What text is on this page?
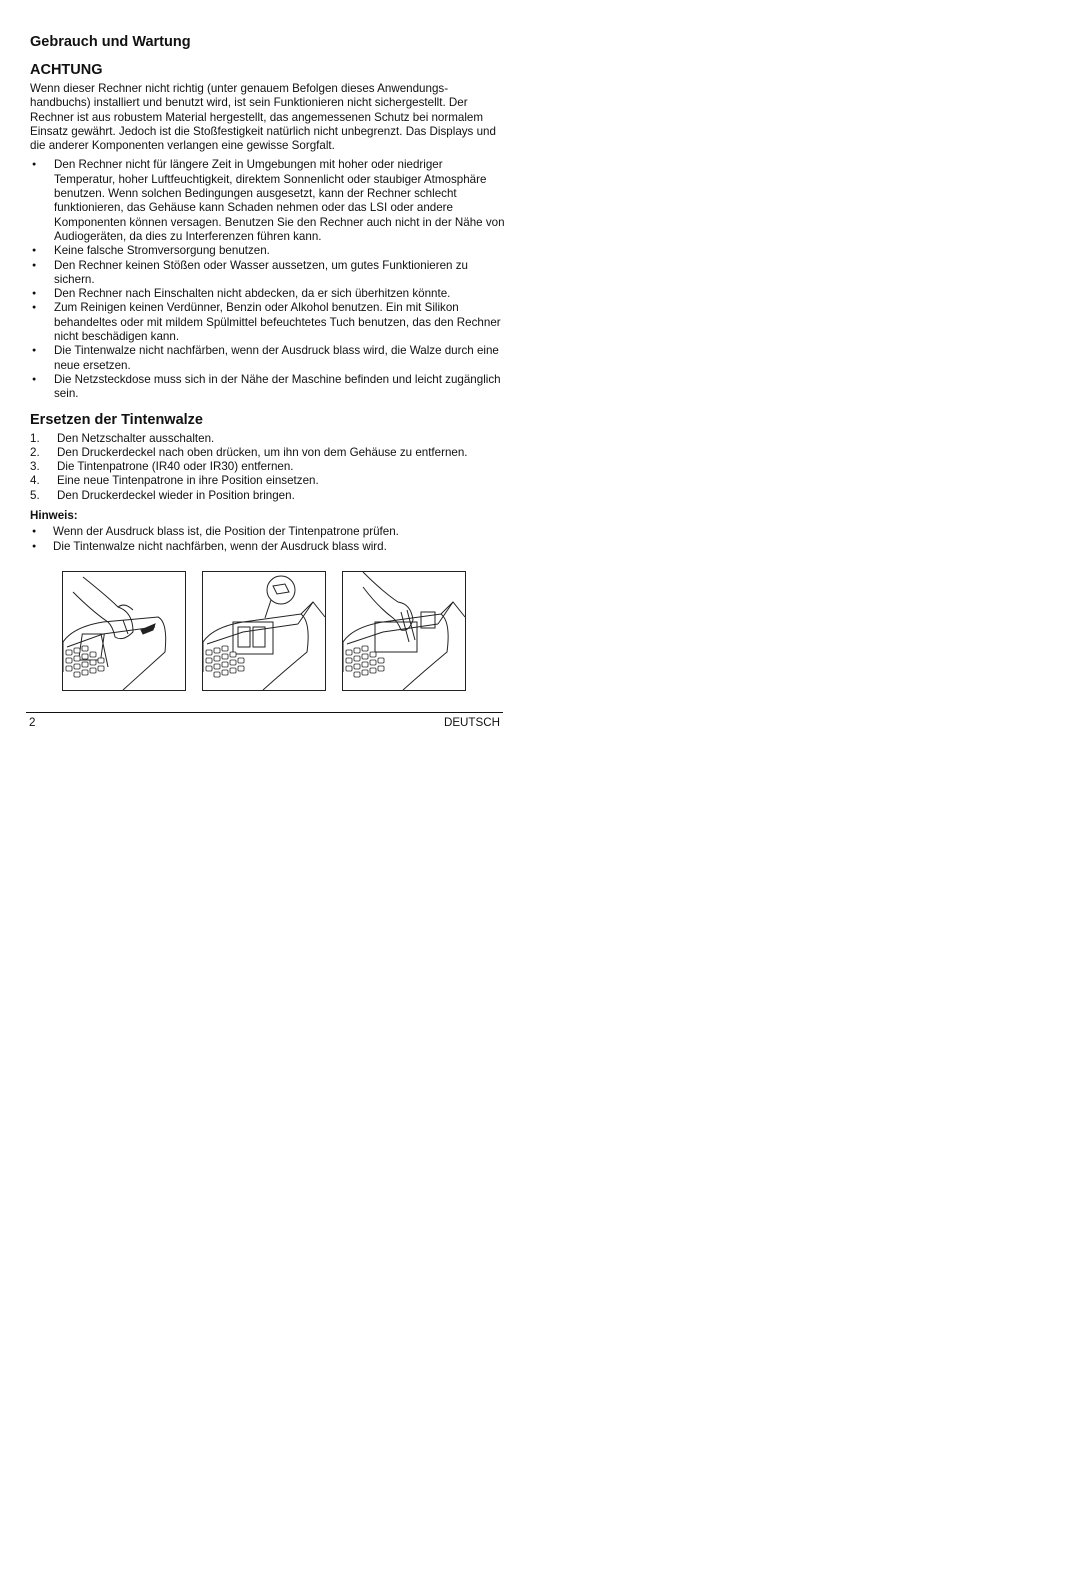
Gebrauch und Wartung
ACHTUNG

Wenn dieser Rechner nicht richtig (unter genauem Befolgen dieses Anwendungs-handbuchs) installiert und benutzt wird, ist sein Funktionieren nicht sichergestellt. Der Rechner ist aus robustem Material hergestellt, das angemessenen Schutz bei normalem Einsatz gewährt. Jedoch ist die Stoßfestigkeit natürlich nicht unbegrenzt. Das Displays und die anderer Komponenten verlangen eine gewisse Sorgfalt.

● Den Rechner nicht für längere Zeit in Umgebungen mit hoher oder niedriger Temperatur, hoher Luftfeuchtigkeit, direktem Sonnenlicht oder staubiger Atmosphäre benutzen. Wenn solchen Bedingungen ausgesetzt, kann der Rechner schlecht funktionieren, das Gehäuse kann Schaden nehmen oder das LSI oder andere Komponenten können versagen. Benutzen Sie den Rechner auch nicht in der Nähe von Audiogeräten, da dies zu Interferenzen führen kann.
● Keine falsche Stromversorgung benutzen.
● Den Rechner keinen Stößen oder Wasser aussetzen, um gutes Funktionieren zu sichern.
● Den Rechner nach Einschalten nicht abdecken, da er sich überhitzen könnte.
● Zum Reinigen keinen Verdünner, Benzin oder Alkohol benutzen. Ein mit Silikon behandeltes oder mit mildem Spülmittel befeuchtetes Tuch benutzen, das den Rechner nicht beschädigen kann.
● Die Tintenwalze nicht nachfärben, wenn der Ausdruck blass wird, die Walze durch eine neue ersetzen.
● Die Netzsteckdose muss sich in der Nähe der Maschine befinden und leicht zugänglich sein.
Ersetzen der Tintenwalze
1. Den Netzschalter ausschalten.
2. Den Druckerdeckel nach oben drücken, um ihn von dem Gehäuse zu entfernen.
3. Die Tintenpatrone (IR40 oder IR30) entfernen.
4. Eine neue Tintenpatrone in ihre Position einsetzen.
5. Den Druckerdeckel wieder in Position bringen.
Hinweis:
● Wenn der Ausdruck blass ist, die Position der Tintenpatrone prüfen.
● Die Tintenwalze nicht nachfärben, wenn der Ausdruck blass wird.
2	DEUTSCH
